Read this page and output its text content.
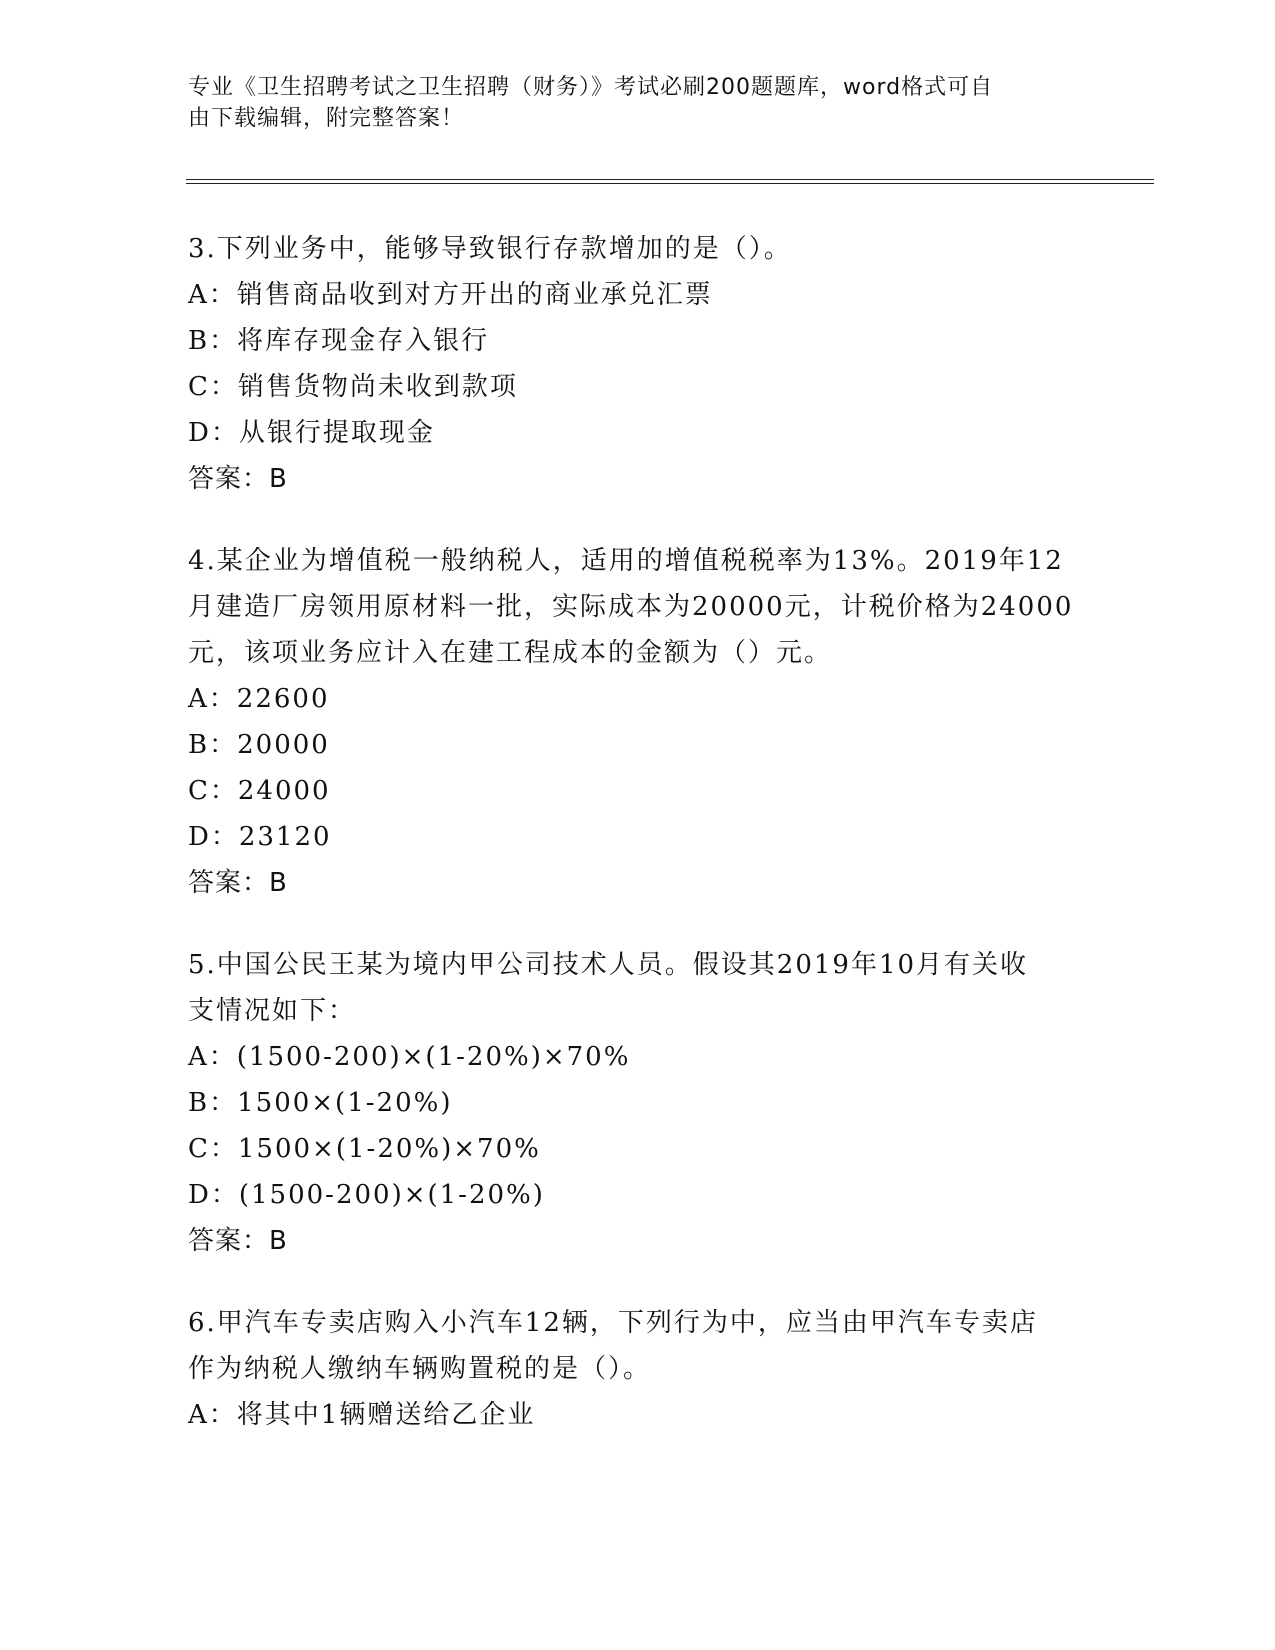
专业《卫生招聘考试之卫生招聘（财务）》考试必刷200题题库，word格式可自
由下载编辑，附完整答案！
3.下列业务中，能够导致银行存款增加的是（）。
A：销售商品收到对方开出的商业承兑汇票
B：将库存现金存入银行
C：销售货物尚未收到款项
D：从银行提取现金
答案：B
4.某企业为增值税一般纳税人，适用的增值税税率为13%。2019年12
月建造厂房领用原材料一批，实际成本为20000元，计税价格为24000
元，该项业务应计入在建工程成本的金额为（）元。
A：22600
B：20000
C：24000
D：23120
答案：B
5.中国公民王某为境内甲公司技术人员。假设其2019年10月有关收
支情况如下：
A：(1500-200)×(1-20%)×70%
B：1500×(1-20%)
C：1500×(1-20%)×70%
D：(1500-200)×(1-20%)
答案：B
6.甲汽车专卖店购入小汽车12辆，下列行为中，应当由甲汽车专卖店
作为纳税人缴纳车辆购置税的是（）。
A：将其中1辆赠送给乙企业
